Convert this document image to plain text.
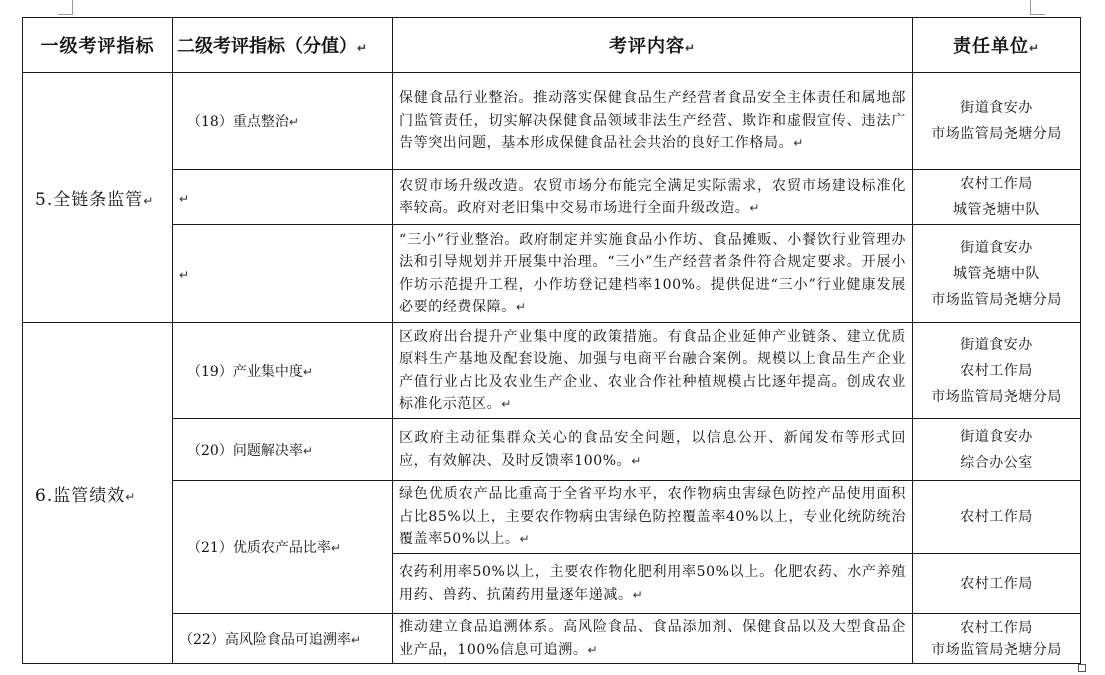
一级考评指标	二级考评指标（分值）↵	考评内容↵	责任单位↵
5.全链条监管↵	（18）重点整治↵	保健食品行业整治。推动落实保健食品生产经营者食品安全主体责任和属地部门监管责任，切实解决保健食品领域非法生产经营、欺诈和虚假宣传、违法广告等突出问题，基本形成保健食品社会共治的良好工作格局。↵	街道食安办
市场监管局尧塘分局

	↵	农贸市场升级改造。农贸市场分布能完全满足实际需求，农贸市场建设标准化率较高。政府对老旧集中交易市场进行全面升级改造。↵	农村工作局
城管尧塘中队

	↵	“三小”行业整治。政府制定并实施食品小作坊、食品摊贩、小餐饮行业管理办法和引导规划并开展集中治理。“三小”生产经营者条件符合规定要求。开展小作坊示范提升工程，小作坊登记建档率100%。提供促进“三小”行业健康发展必要的经费保障。↵	街道食安办
城管尧塘中队
市场监管局尧塘分局

6.监管绩效↵	（19）产业集中度↵	区政府出台提升产业集中度的政策措施。有食品企业延伸产业链条、建立优质原料生产基地及配套设施、加强与电商平台融合案例。规模以上食品生产企业产值行业占比及农业生产企业、农业合作社种植规模占比逐年提高。创成农业标准化示范区。↵	街道食安办
农村工作局
市场监管局尧塘分局

	（20）问题解决率↵	区政府主动征集群众关心的食品安全问题，以信息公开、新闻发布等形式回应，有效解决、及时反馈率100%。↵	街道食安办
综合办公室

	（21）优质农产品比率↵	绿色优质农产品比重高于全省平均水平，农作物病虫害绿色防控产品使用面积占比85%以上，主要农作物病虫害绿色防控覆盖率40%以上，专业化统防统治覆盖率50%以上。↵	农村工作局

		农药利用率50%以上，主要农作物化肥利用率50%以上。化肥农药、水产养殖用药、兽药、抗菌药用量逐年递减。↵	农村工作局

	（22）高风险食品可追溯率↵	推动建立食品追溯体系。高风险食品、食品添加剂、保健食品以及大型食品企业产品，100%信息可追溯。↵	农村工作局
市场监管局尧塘分局
